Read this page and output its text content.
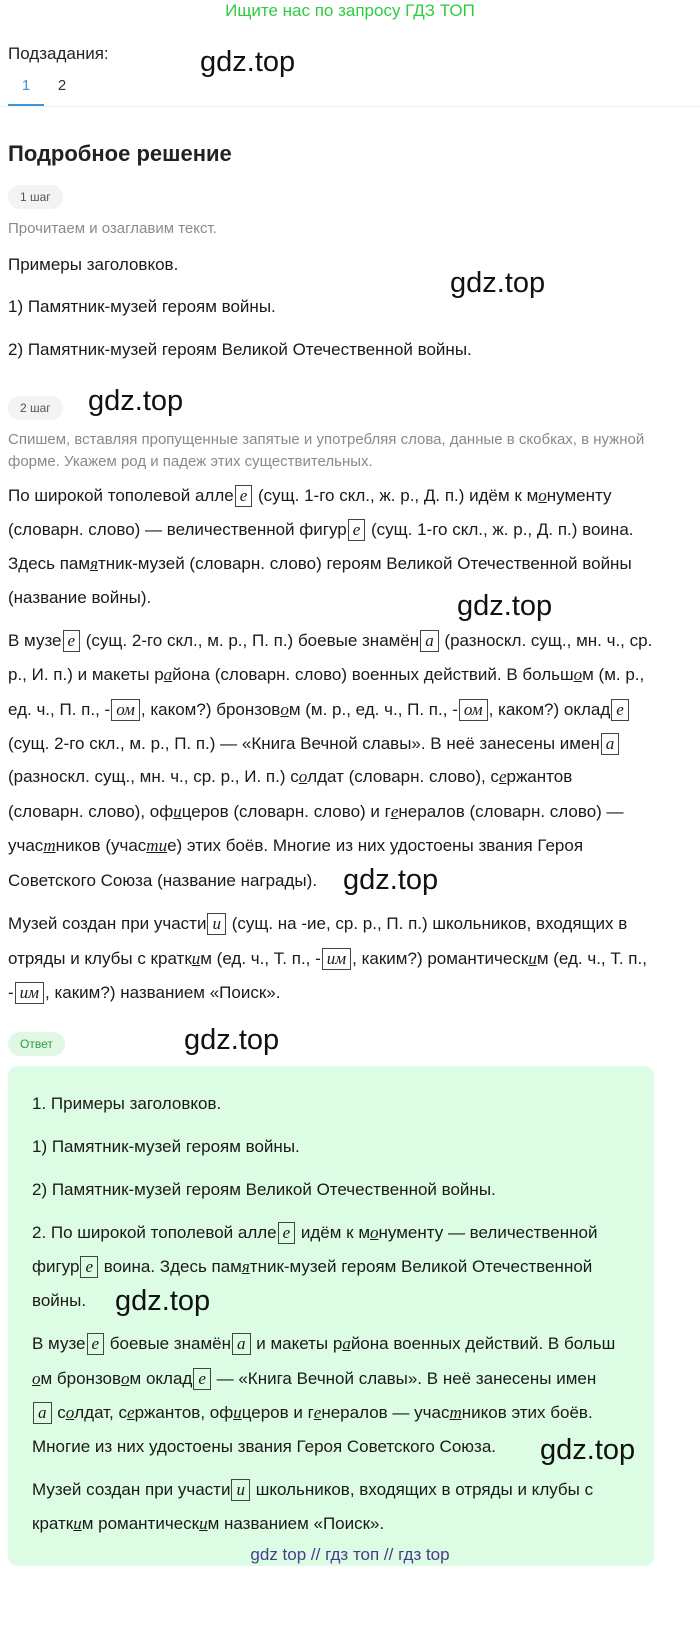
Ищите нас по запросу ГДЗ ТОП
Подзадания:
1	2
gdz.top
gdz.top
gdz.top
gdz.top
gdz.top
gdz.top
Подробное решение
1 шаг
Прочитаем и озаглавим текст.
Примеры заголовков.
1) Памятник-музей героям войны.
2) Памятник-музей героям Великой Отечественной войны.
2 шаг
Спишем, вставляя пропущенные запятые и употребляя слова, данные в скобках, в нужной форме. Укажем род и падеж этих существительных.
По широкой тополевой алле е (сущ. 1-го скл., ж. р., Д. п.) идём к монументу
(словарн. слово) — величественной фигур е (сущ. 1-го скл., ж. р., Д. п.) воина.
Здесь памятник-музей (словарн. слово) героям Великой Отечественной войны
(название войны).
В музе е (сущ. 2-го скл., м. р., П. п.) боевые знамён а (разноскл. сущ., мн. ч., ср.
р., И. п.) и макеты района (словарн. слово) военных действий. В большом (м. р.,
ед. ч., П. п., - ом , каком?) бронзовом (м. р., ед. ч., П. п., - ом , каком?) оклад е
(сущ. 2-го скл., м. р., П. п.) — «Книга Вечной славы». В неё занесены имен а
(разноскл. сущ., мн. ч., ср. р., И. п.) солдат (словарн. слово), сержантов
(словарн. слово), офицеров (словарн. слово) и генералов (словарн. слово) —
участников (участие) этих боёв. Многие из них удостоены звания Героя
Советского Союза (название награды).
Музей создан при участи и (сущ. на -ие, ср. р., П. п.) школьников, входящих в
отряды и клубы с кратким (ед. ч., Т. п., - им , каким?) романтическим (ед. ч., Т. п.,
- им , каким?) названием «Поиск».
Ответ
1. Примеры заголовков.
1) Памятник-музей героям войны.
2) Памятник-музей героям Великой Отечественной войны.
2. По широкой тополевой алле е идём к монументу — величественной
фигур е воина. Здесь памятник-музей героям Великой Отечественной
войны.
В музе е боевые знамён а и макеты района военных действий. В больш
ом бронзовом оклад е — «Книга Вечной славы». В неё занесены имен
а солдат, сержантов, офицеров и генералов — участников этих боёв.
Многие из них удостоены звания Героя Советского Союза.
Музей создан при участи и школьников, входящих в отряды и клубы с
кратким романтическим названием «Поиск».
gdz.top
gdz.top
gdz top // гдз топ // гдз top
